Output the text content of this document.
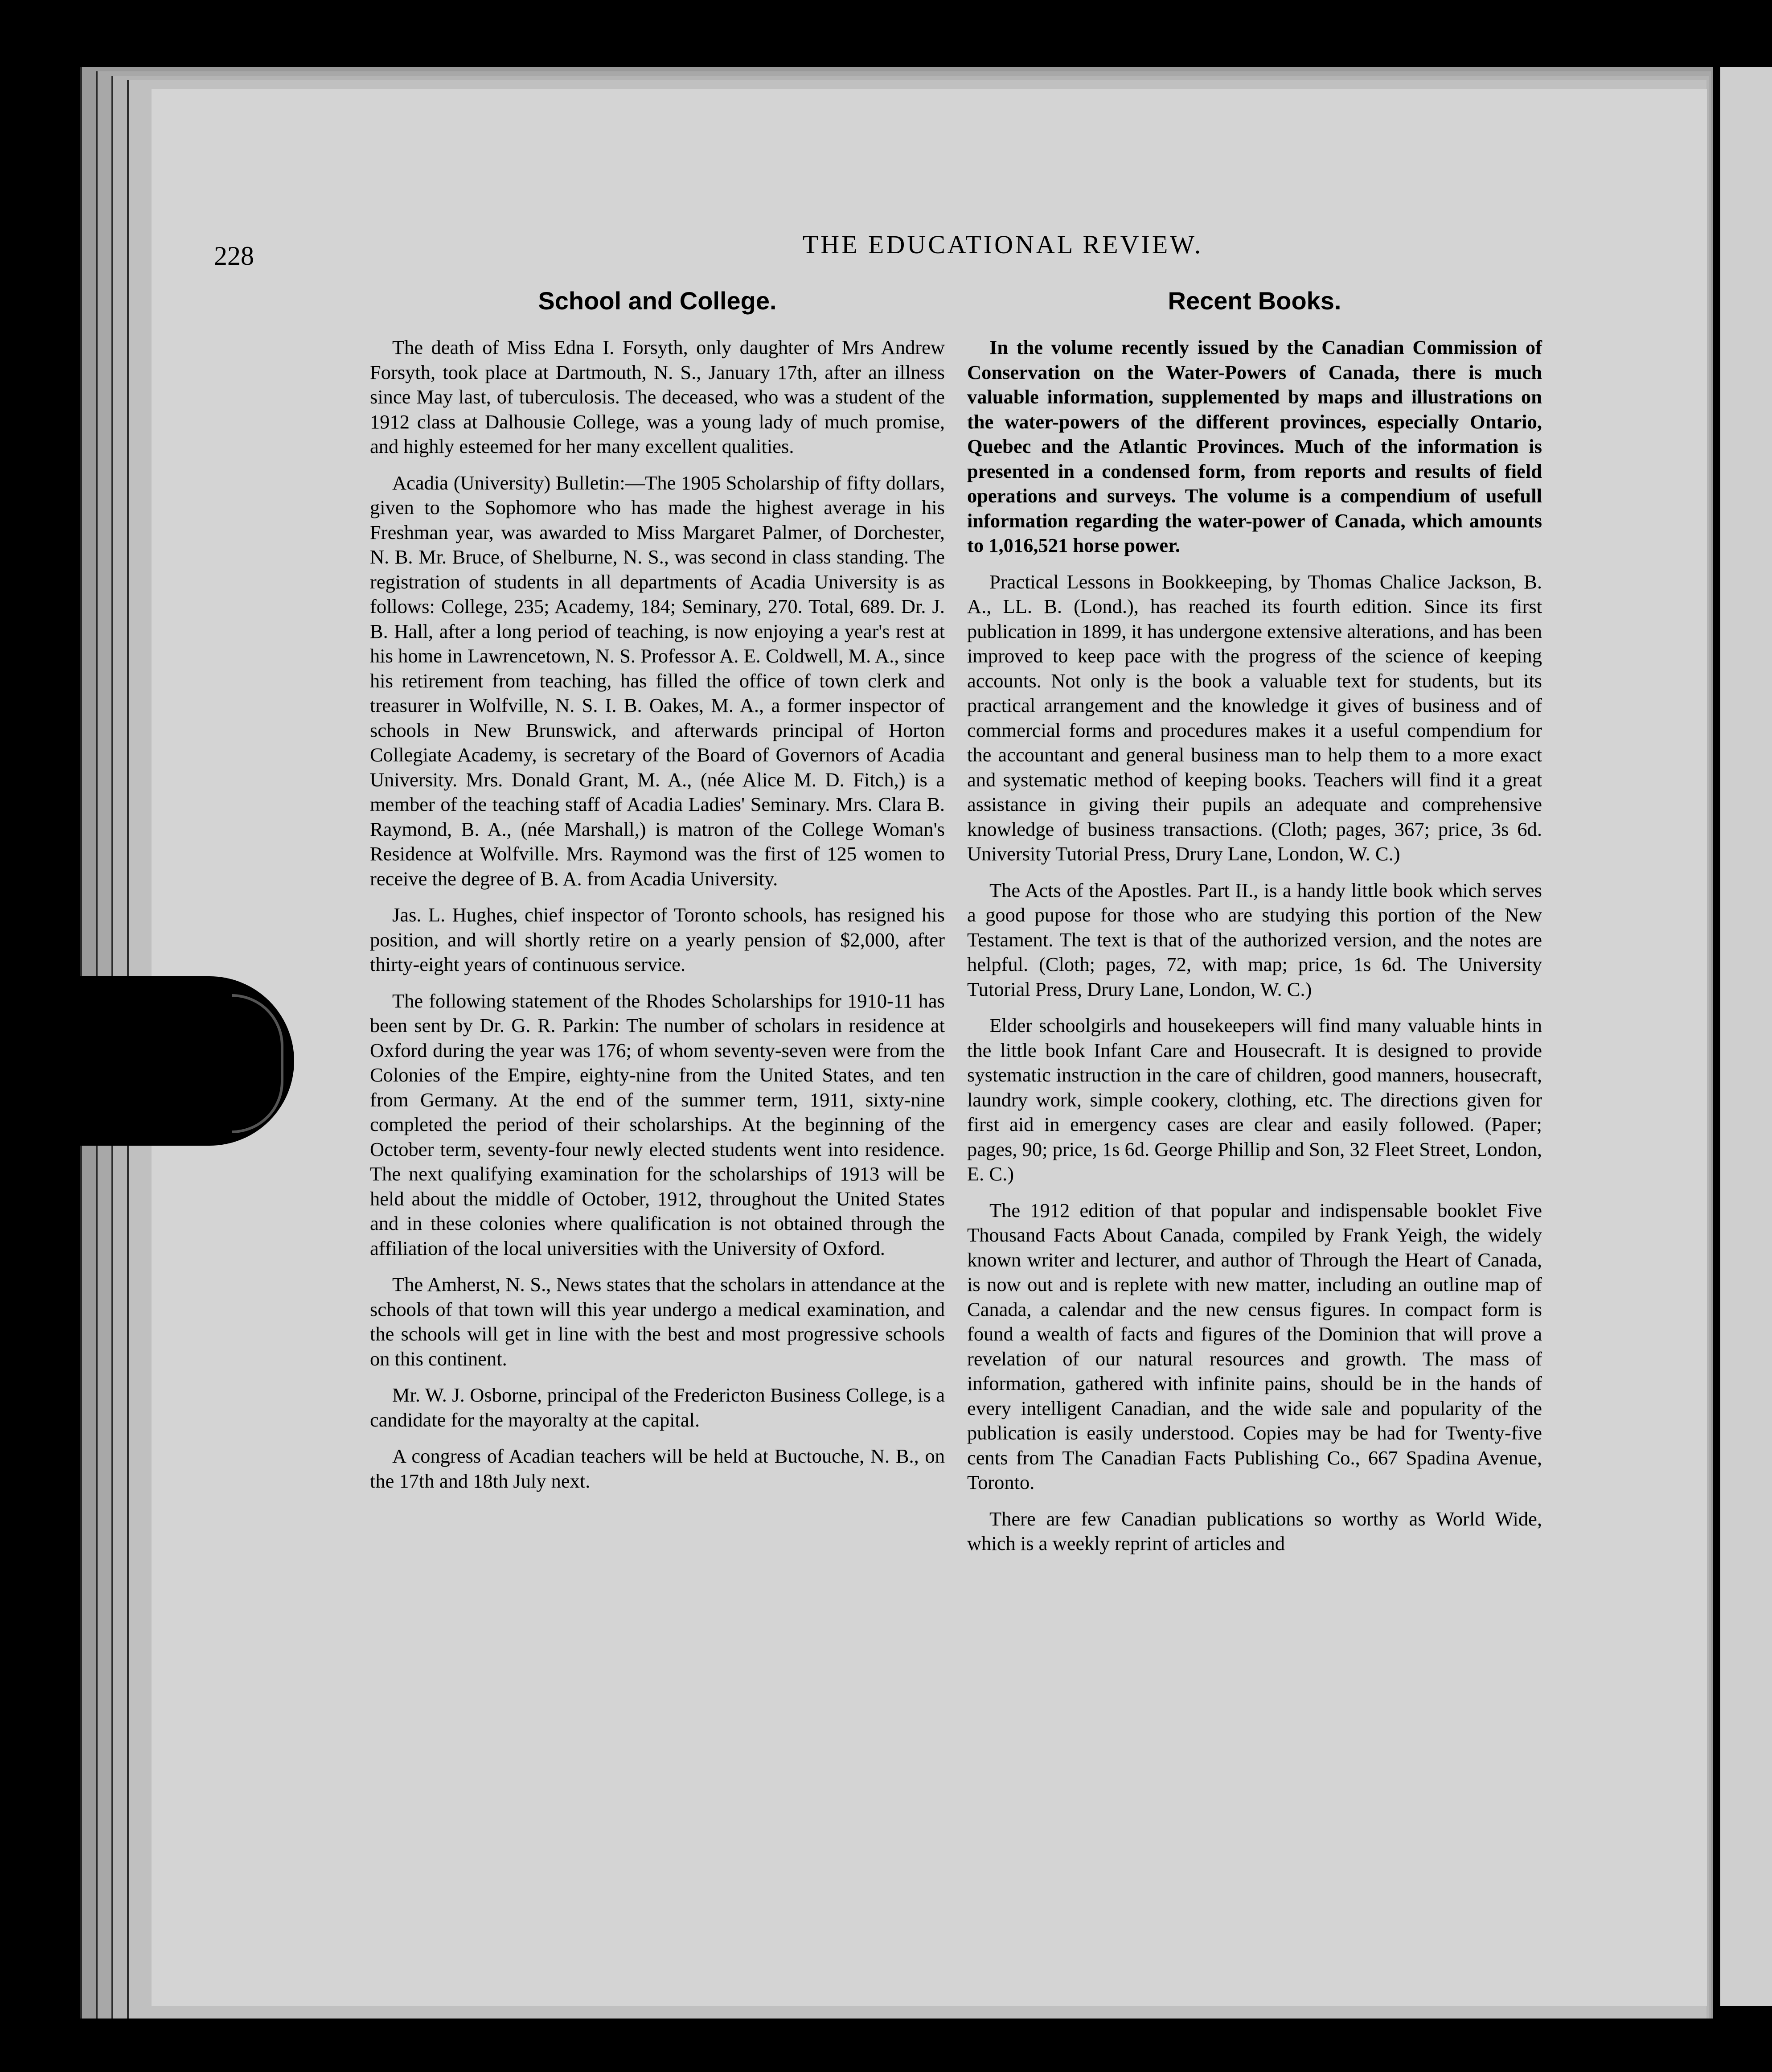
228	THE EDUCATIONAL REVIEW.
School and College.

The death of Miss Edna I. Forsyth, only daughter of Mrs Andrew Forsyth, took place at Dartmouth, N. S., January 17th, after an illness since May last, of tuberculosis. The deceased, who was a student of the 1912 class at Dalhousie College, was a young lady of much promise, and highly esteemed for her many excellent qualities.

Acadia (University) Bulletin:—The 1905 Scholarship of fifty dollars, given to the Sophomore who has made the highest average in his Freshman year, was awarded to Miss Margaret Palmer, of Dorchester, N. B. Mr. Bruce, of Shelburne, N. S., was second in class standing. The registration of students in all departments of Acadia University is as follows: College, 235; Academy, 184; Seminary, 270. Total, 689. Dr. J. B. Hall, after a long period of teaching, is now enjoying a year's rest at his home in Lawrencetown, N. S. Professor A. E. Coldwell, M. A., since his retirement from teaching, has filled the office of town clerk and treasurer in Wolfville, N. S. I. B. Oakes, M. A., a former inspector of schools in New Brunswick, and afterwards principal of Horton Collegiate Academy, is secretary of the Board of Governors of Acadia University. Mrs. Donald Grant, M. A., (née Alice M. D. Fitch,) is a member of the teaching staff of Acadia Ladies' Seminary. Mrs. Clara B. Raymond, B. A., (née Marshall,) is matron of the College Woman's Residence at Wolfville. Mrs. Raymond was the first of 125 women to receive the degree of B. A. from Acadia University.

Jas. L. Hughes, chief inspector of Toronto schools, has resigned his position, and will shortly retire on a yearly pension of $2,000, after thirty-eight years of continuous service.

The following statement of the Rhodes Scholarships for 1910-11 has been sent by Dr. G. R. Parkin: The number of scholars in residence at Oxford during the year was 176; of whom seventy-seven were from the Colonies of the Empire, eighty-nine from the United States, and ten from Germany. At the end of the summer term, 1911, sixty-nine completed the period of their scholarships. At the beginning of the October term, seventy-four newly elected students went into residence. The next qualifying examination for the scholarships of 1913 will be held about the middle of October, 1912, throughout the United States and in these colonies where qualification is not obtained through the affiliation of the local universities with the University of Oxford.

The Amherst, N. S., News states that the scholars in attendance at the schools of that town will this year undergo a medical examination, and the schools will get in line with the best and most progressive schools on this continent.

Mr. W. J. Osborne, principal of the Fredericton Business College, is a candidate for the mayoralty at the capital.

A congress of Acadian teachers will be held at Buctouche, N. B., on the 17th and 18th July next.

Recent Books.

In the volume recently issued by the Canadian Commission of Conservation on the Water-Powers of Canada, there is much valuable information, supplemented by maps and illustrations on the water-powers of the different provinces, especially Ontario, Quebec and the Atlantic Provinces. Much of the information is presented in a condensed form, from reports and results of field operations and surveys. The volume is a compendium of usefull information regarding the water-power of Canada, which amounts to 1,016,521 horse power.

Practical Lessons in Bookkeeping, by Thomas Chalice Jackson, B. A., LL. B. (Lond.), has reached its fourth edition. Since its first publication in 1899, it has undergone extensive alterations, and has been improved to keep pace with the progress of the science of keeping accounts. Not only is the book a valuable text for students, but its practical arrangement and the knowledge it gives of business and of commercial forms and procedures makes it a useful compendium for the accountant and general business man to help them to a more exact and systematic method of keeping books. Teachers will find it a great assistance in giving their pupils an adequate and comprehensive knowledge of business transactions. (Cloth; pages, 367; price, 3s 6d. University Tutorial Press, Drury Lane, London, W. C.)

The Acts of the Apostles. Part II., is a handy little book which serves a good pupose for those who are studying this portion of the New Testament. The text is that of the authorized version, and the notes are helpful. (Cloth; pages, 72, with map; price, 1s 6d. The University Tutorial Press, Drury Lane, London, W. C.)

Elder schoolgirls and housekeepers will find many valuable hints in the little book Infant Care and Housecraft. It is designed to provide systematic instruction in the care of children, good manners, housecraft, laundry work, simple cookery, clothing, etc. The directions given for first aid in emergency cases are clear and easily followed. (Paper; pages, 90; price, 1s 6d. George Phillip and Son, 32 Fleet Street, London, E. C.)

The 1912 edition of that popular and indispensable booklet Five Thousand Facts About Canada, compiled by Frank Yeigh, the widely known writer and lecturer, and author of Through the Heart of Canada, is now out and is replete with new matter, including an outline map of Canada, a calendar and the new census figures. In compact form is found a wealth of facts and figures of the Dominion that will prove a revelation of our natural resources and growth. The mass of information, gathered with infinite pains, should be in the hands of every intelligent Canadian, and the wide sale and popularity of the publication is easily understood. Copies may be had for Twenty-five cents from The Canadian Facts Publishing Co., 667 Spadina Avenue, Toronto.

There are few Canadian publications so worthy as World Wide, which is a weekly reprint of articles and
